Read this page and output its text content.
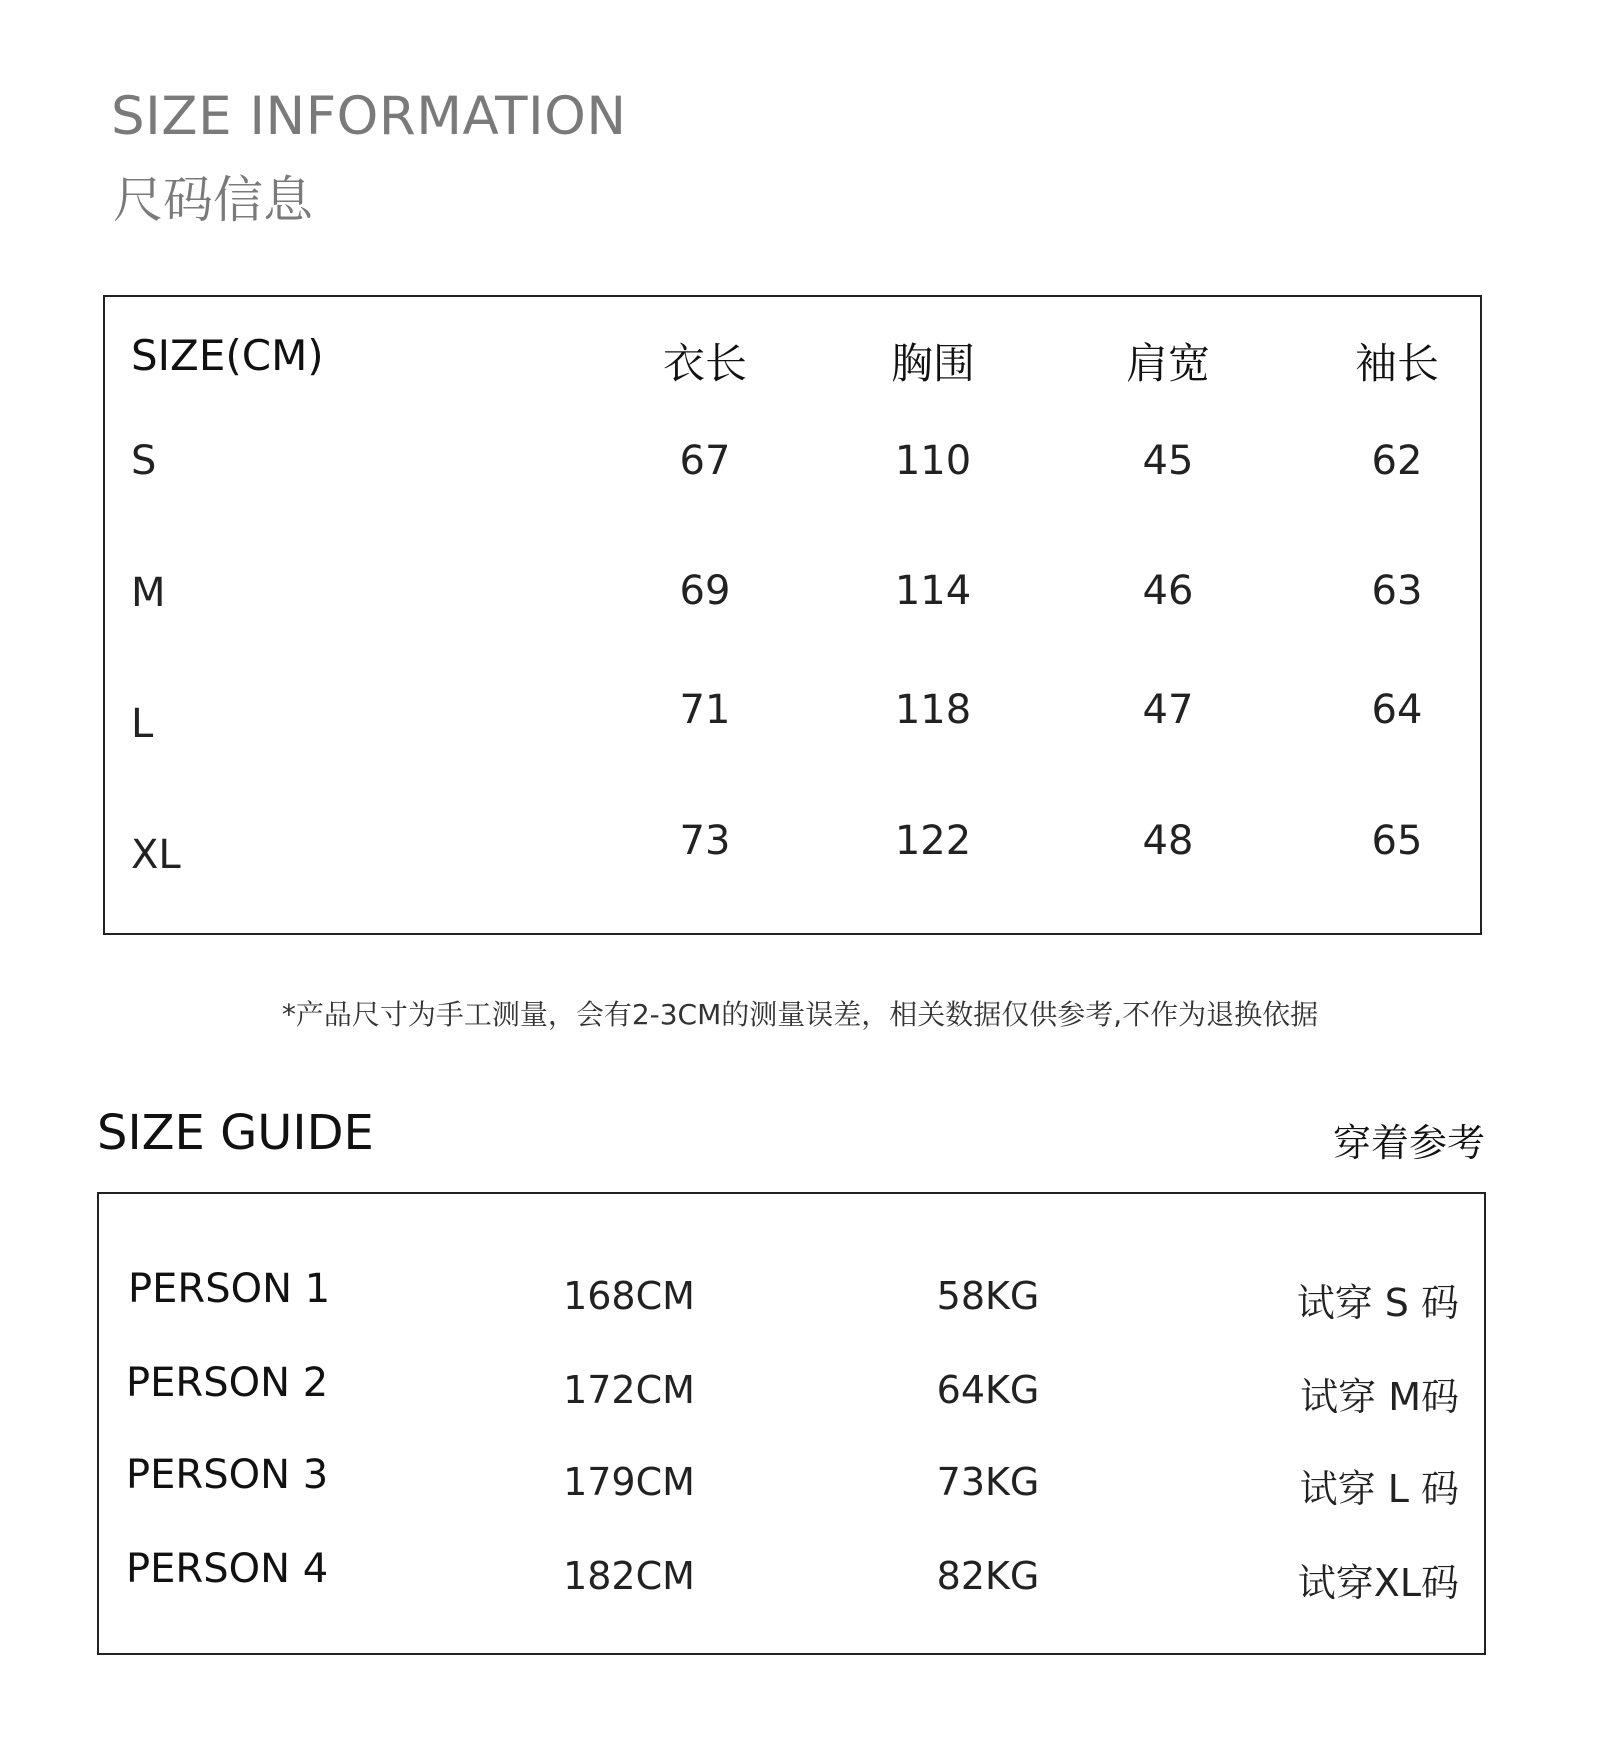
SIZE INFORMATION
尺码信息
SIZE(CM)	衣长	胸围	肩宽	袖长
S	67	110	45	62
M	69	114	46	63
L	71	118	47	64
XL	73	122	48	65
*产品尺寸为手工测量，会有2-3CM的测量误差，相关数据仅供参考,不作为退换依据
SIZE GUIDE	穿着参考
PERSON 1	168CM	58KG	试穿 S 码
PERSON 2	172CM	64KG	试穿 M码
PERSON 3	179CM	73KG	试穿 L 码
PERSON 4	182CM	82KG	试穿XL码
